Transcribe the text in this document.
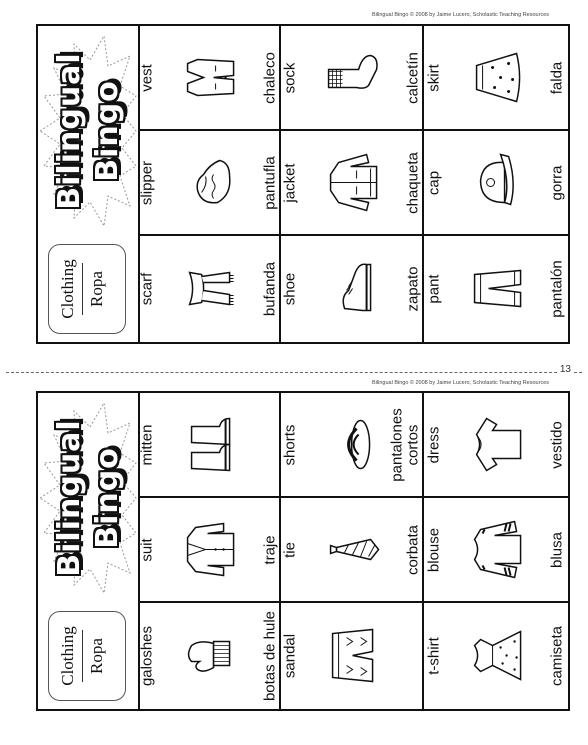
Bilingual Bingo © 2008 by Jaime Lucero, Scholastic Teaching Resources
13
Bilingual Bingo © 2008 by Jaime Lucero, Scholastic Teaching Resources
Bilingual Bingo
Clothing Ropa
vest	chaleco
slipper	pantufla
scarf	bufanda
sock	calcetín
jacket	chaqueta
shoe	zapato
skirt	falda
cap	gorra
pant	pantalón
Bilingual Bingo
Clothing Ropa
mitten
suit	traje
galoshes	botas de hule
shorts	pantalones cortos
tie	corbata
sandal
dress	vestido
blouse	blusa
t-shirt	camiseta
